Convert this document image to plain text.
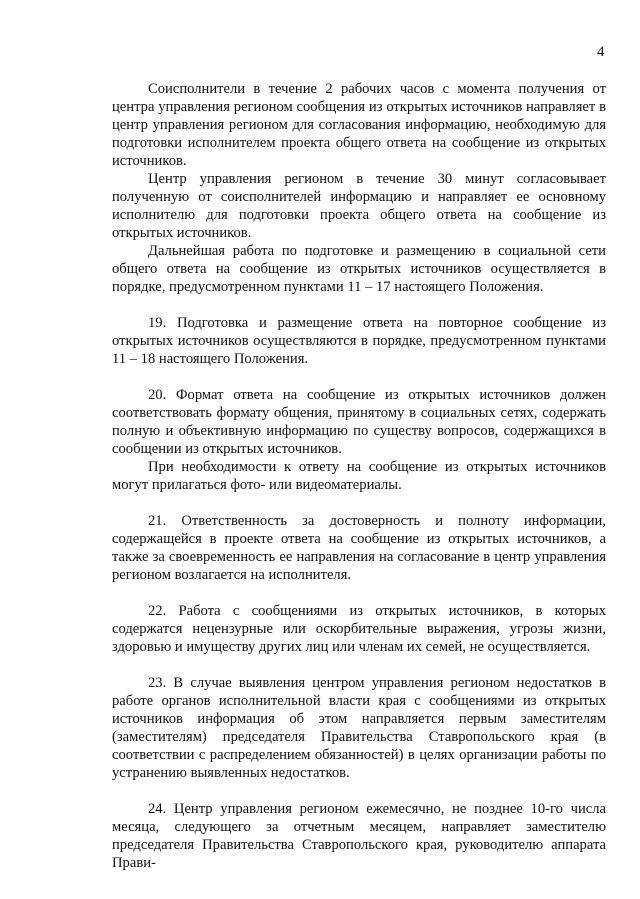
4

Соисполнители в течение 2 рабочих часов с момента получения от центра управления регионом сообщения из открытых источников направляет в центр управления регионом для согласования информацию, необходимую для подготовки исполнителем проекта общего ответа на сообщение из открытых источников.

Центр управления регионом в течение 30 минут согласовывает полученную от соисполнителей информацию и направляет ее основному исполнителю для подготовки проекта общего ответа на сообщение из открытых источников.

Дальнейшая работа по подготовке и размещению в социальной сети общего ответа на сообщение из открытых источников осуществляется в порядке, предусмотренном пунктами 11 – 17 настоящего Положения.

19. Подготовка и размещение ответа на повторное сообщение из открытых источников осуществляются в порядке, предусмотренном пунктами 11 – 18 настоящего Положения.

20. Формат ответа на сообщение из открытых источников должен соответствовать формату общения, принятому в социальных сетях, содержать полную и объективную информацию по существу вопросов, содержащихся в сообщении из открытых источников.

При необходимости к ответу на сообщение из открытых источников могут прилагаться фото- или видеоматериалы.

21. Ответственность за достоверность и полноту информации, содержащейся в проекте ответа на сообщение из открытых источников, а также за своевременность ее направления на согласование в центр управления регионом возлагается на исполнителя.

22. Работа с сообщениями из открытых источников, в которых содержатся нецензурные или оскорбительные выражения, угрозы жизни, здоровью и имуществу других лиц или членам их семей, не осуществляется.

23. В случае выявления центром управления регионом недостатков в работе органов исполнительной власти края с сообщениями из открытых источников информация об этом направляется первым заместителям (заместителям) председателя Правительства Ставропольского края (в соответствии с распределением обязанностей) в целях организации работы по устранению выявленных недостатков.

24. Центр управления регионом ежемесячно, не позднее 10-го числа месяца, следующего за отчетным месяцем, направляет заместителю председателя Правительства Ставропольского края, руководителю аппарата Прави-
